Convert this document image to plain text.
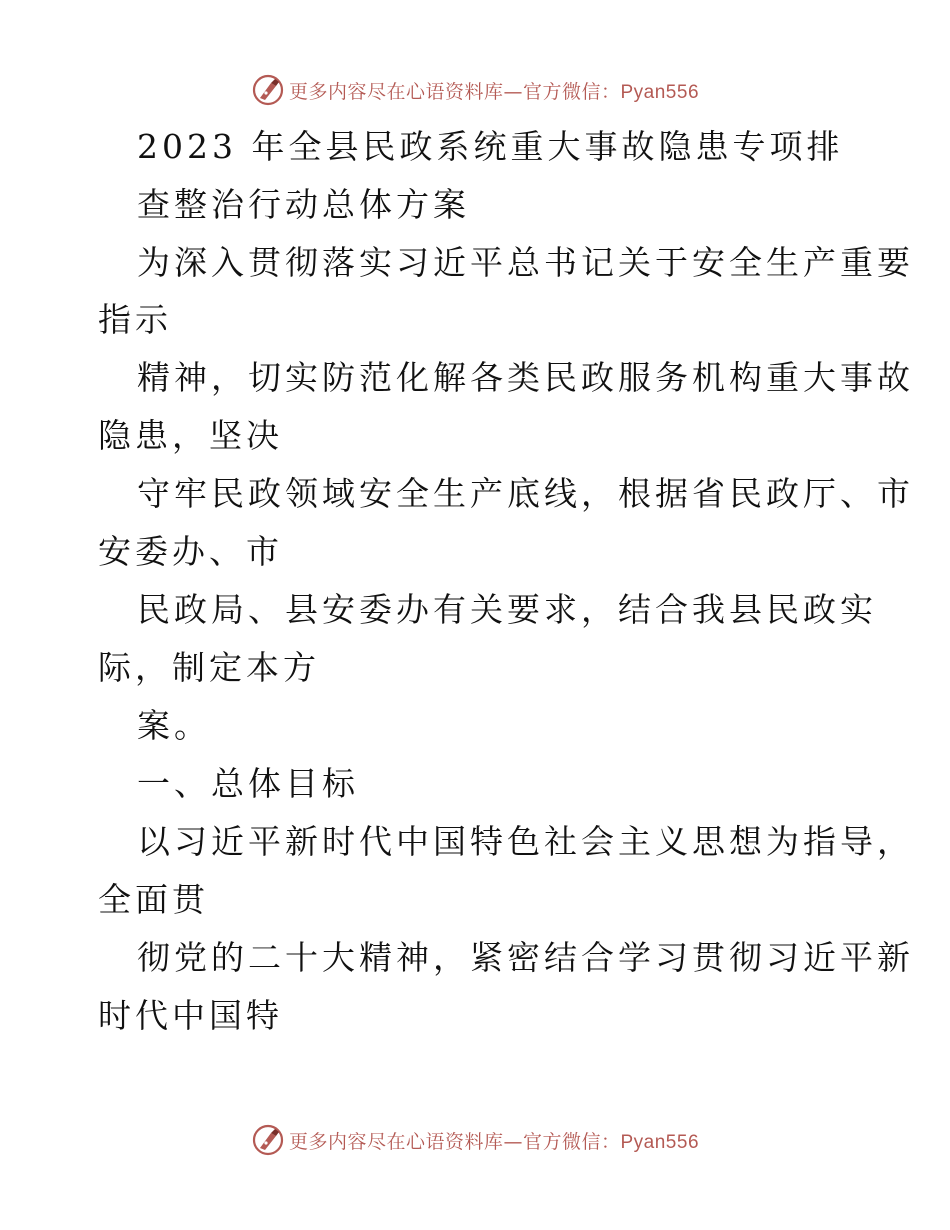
更多内容尽在心语资料库—官方微信：Pyan556
2023 年全县民政系统重大事故隐患专项排
查整治行动总体方案
为深入贯彻落实习近平总书记关于安全生产重要
指示
精神，切实防范化解各类民政服务机构重大事故
隐患，坚决
守牢民政领域安全生产底线，根据省民政厅、市
安委办、市
民政局、县安委办有关要求，结合我县民政实
际，制定本方
案。
一、总体目标
以习近平新时代中国特色社会主义思想为指导，
全面贯
彻党的二十大精神，紧密结合学习贯彻习近平新
时代中国特
更多内容尽在心语资料库—官方微信：Pyan556
